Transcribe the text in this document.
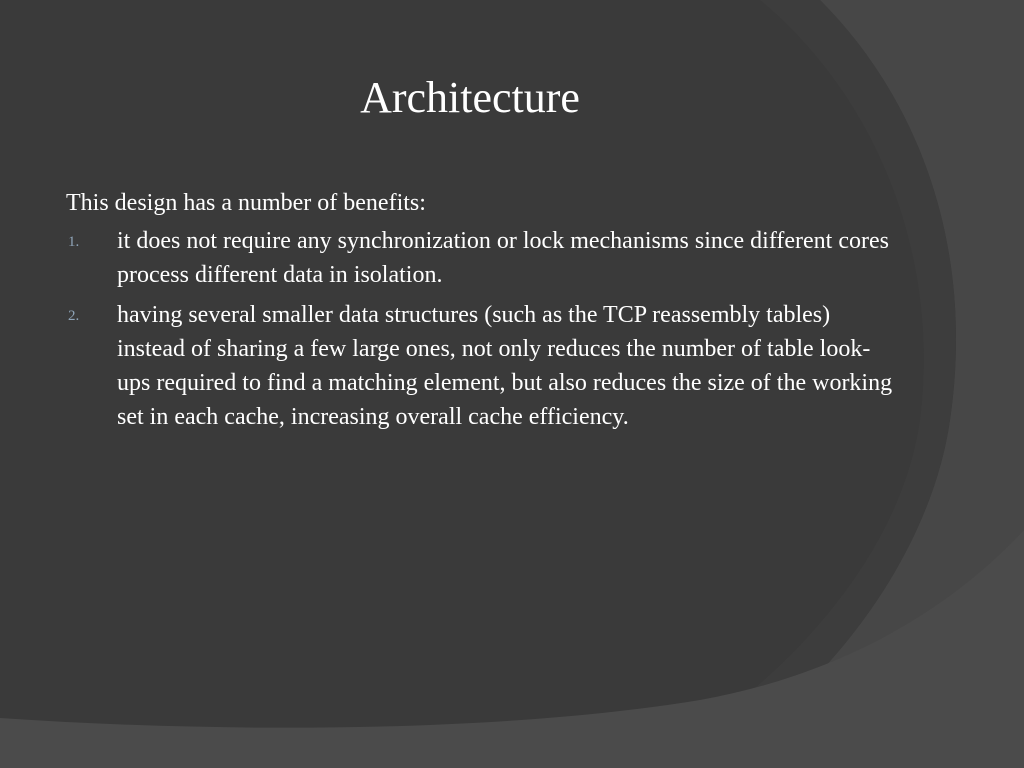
Architecture

This design has a number of benefits:

1. it does not require any synchronization or lock mechanisms since different cores process different data in isolation.
2. having several smaller data structures (such as the TCP reassembly tables) instead of sharing a few large ones, not only reduces the number of table look-ups required to find a matching element, but also reduces the size of the working set in each cache, increasing overall cache efficiency.
